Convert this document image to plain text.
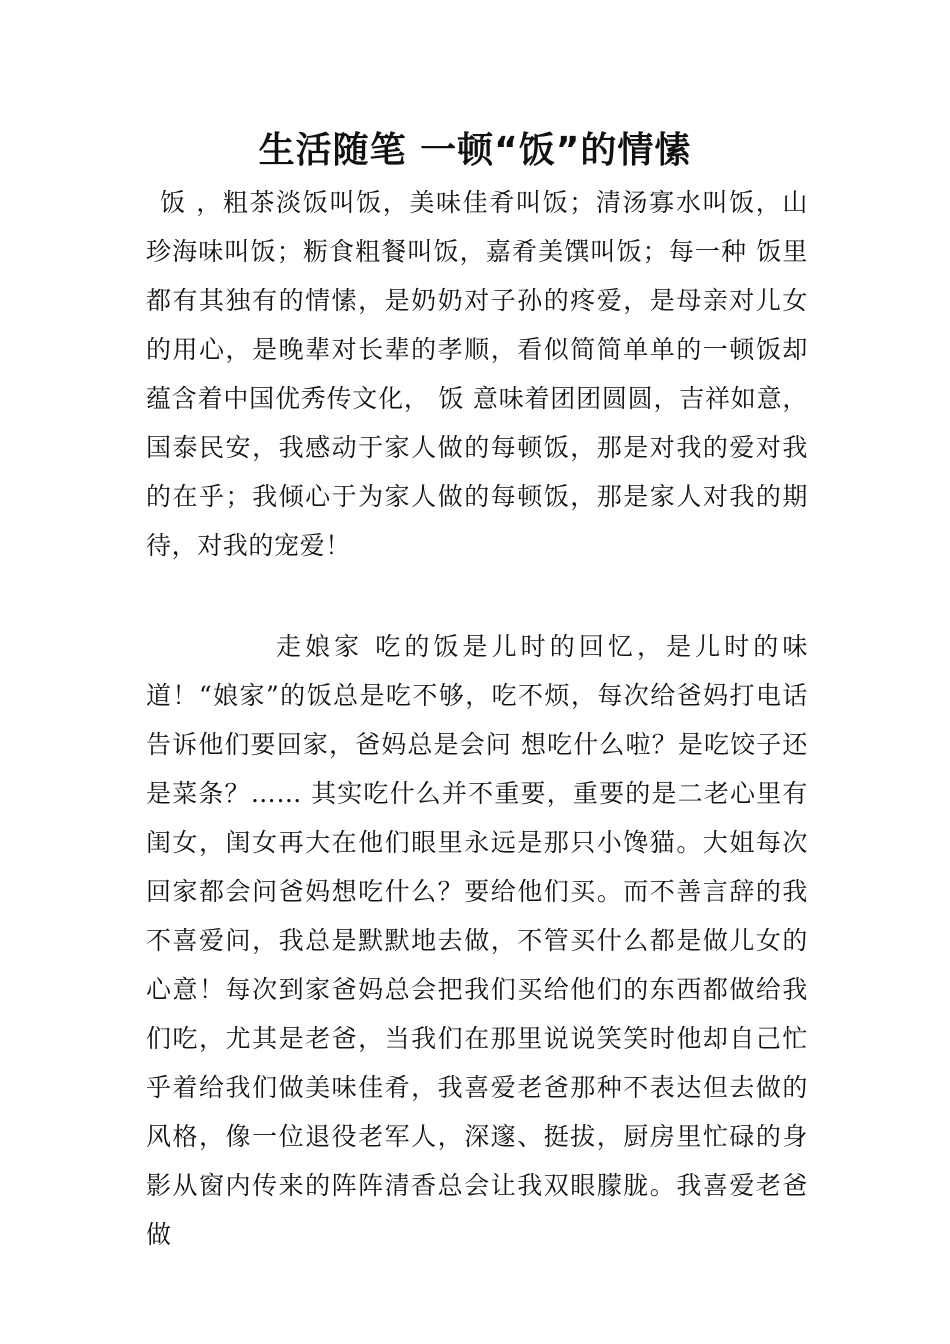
生活随笔 一顿“饭”的情愫

饭 ，粗茶淡饭叫饭，美味佳肴叫饭；清汤寡水叫饭，山珍海味叫饭；粝食粗餐叫饭，嘉肴美馔叫饭；每一种 饭里都有其独有的情愫，是奶奶对子孙的疼爱，是母亲对儿女的用心，是晚辈对长辈的孝顺，看似简简单单的一顿饭却蕴含着中国优秀传文化， 饭 意味着团团圆圆，吉祥如意，国泰民安，我感动于家人做的每顿饭，那是对我的爱对我的在乎；我倾心于为家人做的每顿饭，那是家人对我的期待，对我的宠爱！

走娘家 吃的饭是儿时的回忆，是儿时的味道！“娘家”的饭总是吃不够，吃不烦，每次给爸妈打电话告诉他们要回家，爸妈总是会问 想吃什么啦？是吃饺子还是菜条？…… 其实吃什么并不重要，重要的是二老心里有闺女，闺女再大在他们眼里永远是那只小馋猫。大姐每次回家都会问爸妈想吃什么？要给他们买。而不善言辞的我不喜爱问，我总是默默地去做，不管买什么都是做儿女的心意！每次到家爸妈总会把我们买给他们的东西都做给我们吃，尤其是老爸，当我们在那里说说笑笑时他却自己忙乎着给我们做美味佳肴，我喜爱老爸那种不表达但去做的风格，像一位退役老军人，深邃、挺拔，厨房里忙碌的身影从窗内传来的阵阵清香总会让我双眼朦胧。我喜爱老爸做
